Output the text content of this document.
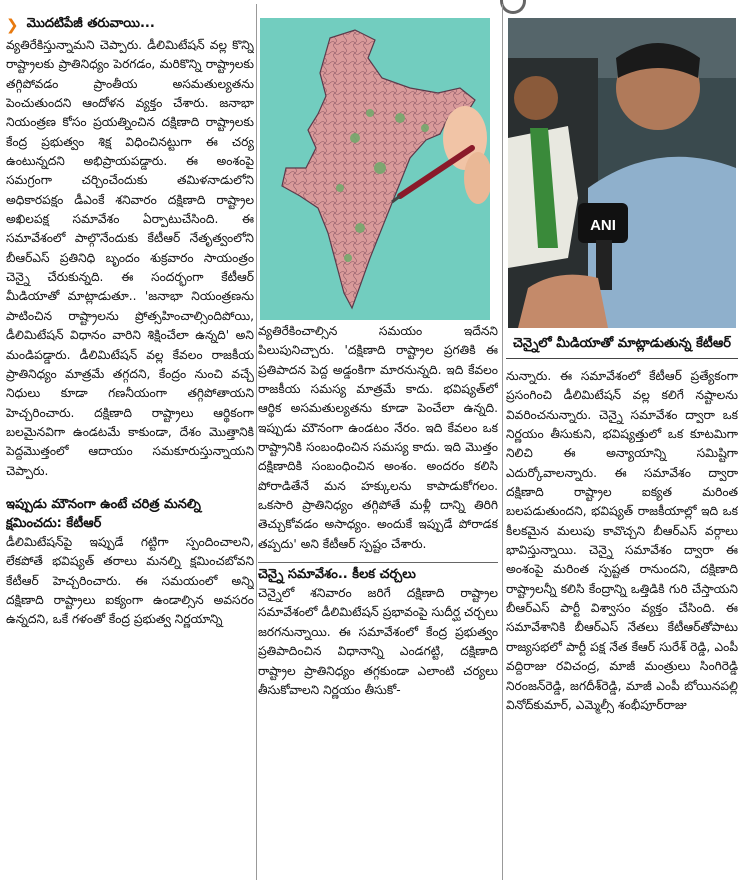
❯ మొదటిపేజీ తరువాయి...

వ్యతిరేకిస్తున్నామని చెప్పారు. డీలిమిటేషన్ వల్ల కొన్ని రాష్ట్రాలకు ప్రాతినిధ్యం పెరగడం, మరికొన్ని రాష్ట్రాలకు తగ్గిపోవడం ప్రాంతీయ అసమతుల్యతను పెంచుతుందని ఆందోళన వ్యక్తం చేశారు. జనాభా నియంత్రణ కోసం ప్రయత్నించిన దక్షిణాది రాష్ట్రాలకు కేంద్ర ప్రభుత్వం శిక్ష విధించినట్టుగా ఈ చర్య ఉంటున్నదని అభిప్రాయపడ్డారు. ఈ అంశంపై సమగ్రంగా చర్చించేందుకు తమిళనాడులోని అధికారపక్షం డీఎంకే శనివారం దక్షిణాది రాష్ట్రాల అఖిలపక్ష సమావేశం ఏర్పాటుచేసింది. ఈ సమావేశంలో పాల్గొనేందుకు కేటీఆర్ నేతృత్వంలోని బీఆర్ఎస్ ప్రతినిధి బృందం శుక్రవారం సాయంత్రం చెన్నై చేరుకున్నది. ఈ సందర్భంగా కేటీఆర్ మీడియాతో మాట్లాడుతూ.. 'జనాభా నియంత్రణను పాటించిన రాష్ట్రాలను ప్రోత్సహించాల్సిందిపోయి, డీలిమిటేషన్ విధానం వారిని శిక్షించేలా ఉన్నది' అని మండిపడ్డారు. డీలిమిటేషన్ వల్ల కేవలం రాజకీయ ప్రాతినిధ్యం మాత్రమే తగ్గదని, కేంద్రం నుంచి వచ్చే నిధులు కూడా గణనీయంగా తగ్గిపోతాయని హెచ్చరించారు. దక్షిణాది రాష్ట్రాలు ఆర్థికంగా బలమైనవిగా ఉండటమే కాకుండా, దేశం మొత్తానికి పెద్దమొత్తంలో ఆదాయం సమకూరుస్తున్నాయని చెప్పారు.

ఇప్పుడు మౌనంగా ఉంటే చరిత్ర మనల్ని క్షమించదు: కేటీఆర్

డీలిమిటేషన్‌పై ఇప్పుడే గట్టిగా స్పందించాలని, లేకపోతే భవిష్యత్ తరాలు మనల్ని క్షమించబోవని కేటీఆర్ హెచ్చరించారు. ఈ సమయంలో అన్ని దక్షిణాది రాష్ట్రాలు ఐక్యంగా ఉండాల్సిన అవసరం ఉన్నదని, ఒకే గళంతో కేంద్ర ప్రభుత్వ నిర్ణయాన్ని

వ్యతిరేకించాల్సిన సమయం ఇదేనని పిలుపునిచ్చారు. 'దక్షిణాది రాష్ట్రాల ప్రగతికి ఈ ప్రతిపాదన పెద్ద అడ్డంకిగా మారనున్నది. ఇది కేవలం రాజకీయ సమస్య మాత్రమే కాదు. భవిష్యత్‌లో ఆర్థిక అసమతుల్యతను కూడా పెంచేలా ఉన్నది. ఇప్పుడు మౌనంగా ఉండటం నేరం. ఇది కేవలం ఒక రాష్ట్రానికి సంబంధించిన సమస్య కాదు. ఇది మొత్తం దక్షిణాదికి సంబంధించిన అంశం. అందరం కలిసి పోరాడితేనే మన హక్కులను కాపాడుకోగలం. ఒకసారి ప్రాతినిధ్యం తగ్గిపోతే మళ్లీ దాన్ని తిరిగి తెచ్చుకోవడం అసాధ్యం. అందుకే ఇప్పుడే పోరాడక తప్పదు' అని కేటీఆర్ స్పష్టం చేశారు.

చెన్నై సమావేశం.. కీలక చర్చలు

చెన్నైలో శనివారం జరిగే దక్షిణాది రాష్ట్రాల సమావేశంలో డీలిమిటేషన్ ప్రభావంపై సుదీర్ఘ చర్చలు జరగనున్నాయి. ఈ సమావేశంలో కేంద్ర ప్రభుత్వం ప్రతిపాదించిన విధానాన్ని ఎండగట్టి, దక్షిణాది రాష్ట్రాల ప్రాతినిధ్యం తగ్గకుండా ఎలాంటి చర్యలు తీసుకోవాలని నిర్ణయం తీసుకో-

ANI
చెన్నైలో మీడియాతో మాట్లాడుతున్న కేటీఆర్

నున్నారు. ఈ సమావేశంలో కేటీఆర్ ప్రత్యేకంగా ప్రసంగించి డీలిమిటేషన్ వల్ల కలిగే నష్టాలను వివరించనున్నారు. చెన్నై సమావేశం ద్వారా ఒక నిర్ణయం తీసుకుని, భవిష్యత్తులో ఒక కూటమిగా నిలిచి ఈ అన్యాయాన్ని సమిష్టిగా ఎదుర్కోవాలన్నారు. ఈ సమావేశం ద్వారా దక్షిణాది రాష్ట్రాల ఐక్యత మరింత బలపడుతుందని, భవిష్యత్ రాజకీయాల్లో ఇది ఒక కీలకమైన మలుపు కావొచ్చని బీఆర్ఎస్ వర్గాలు భావిస్తున్నాయి. చెన్నై సమావేశం ద్వారా ఈ అంశంపై మరింత స్పష్టత రానుందని, దక్షిణాది రాష్ట్రాలన్నీ కలిసి కేంద్రాన్ని ఒత్తిడికి గురి చేస్తాయని బీఆర్ఎస్ పార్టీ విశ్వాసం వ్యక్తం చేసింది. ఈ సమావేశానికి బీఆర్ఎస్ నేతలు కేటీఆర్‌తోపాటు రాజ్యసభలో పార్టీ పక్ష నేత కేఆర్ సురేశ్ రెడ్డి, ఎంపీ వద్దిరాజు రవిచంద్ర, మాజీ మంత్రులు సింగిరెడ్డి నిరంజన్‌రెడ్డి, జగదీశ్‌రెడ్డి, మాజీ ఎంపీ బోయినపల్లి వినోద్‌కుమార్, ఎమ్మెల్సీ శంభీపూర్‌రాజు
